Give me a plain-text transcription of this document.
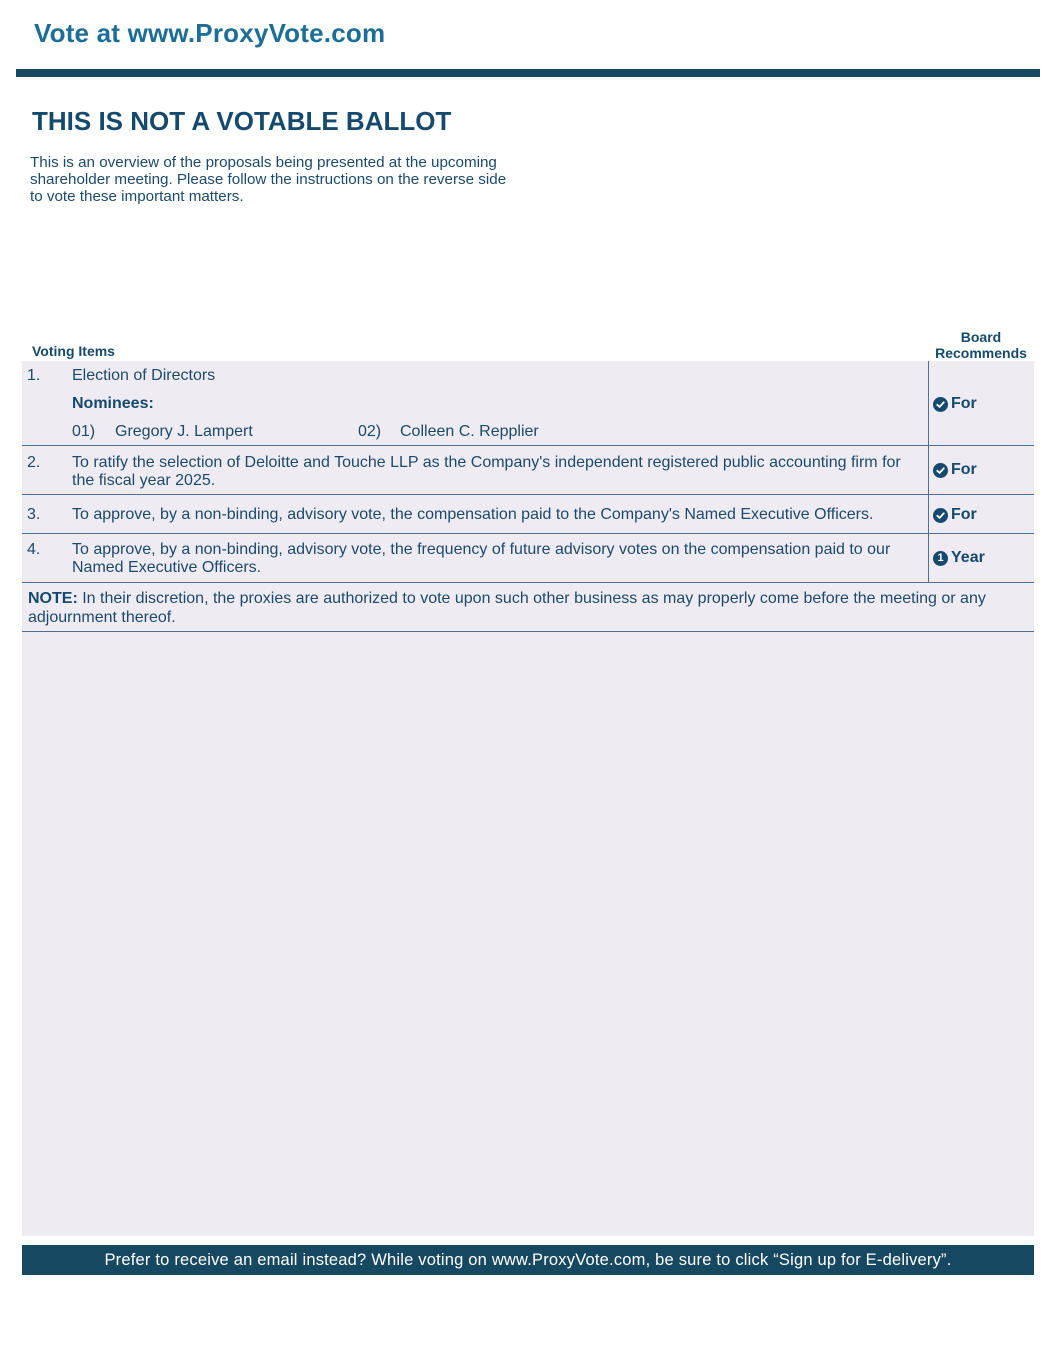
Vote at www.ProxyVote.com
THIS IS NOT A VOTABLE BALLOT
This is an overview of the proposals being presented at the upcoming shareholder meeting. Please follow the instructions on the reverse side to vote these important matters.
Voting Items
Board
Recommends
1. Election of Directors
Nominees:
01) Gregory J. Lampert	02) Colleen C. Repplier
For
2. To ratify the selection of Deloitte and Touche LLP as the Company's independent registered public accounting firm for the fiscal year 2025.
For
3. To approve, by a non-binding, advisory vote, the compensation paid to the Company's Named Executive Officers.	For
4. To approve, by a non-binding, advisory vote, the frequency of future advisory votes on the compensation paid to our Named Executive Officers.
1 Year
NOTE: In their discretion, the proxies are authorized to vote upon such other business as may properly come before the meeting or any adjournment thereof.
Prefer to receive an email instead? While voting on www.ProxyVote.com, be sure to click “Sign up for E-delivery”.
